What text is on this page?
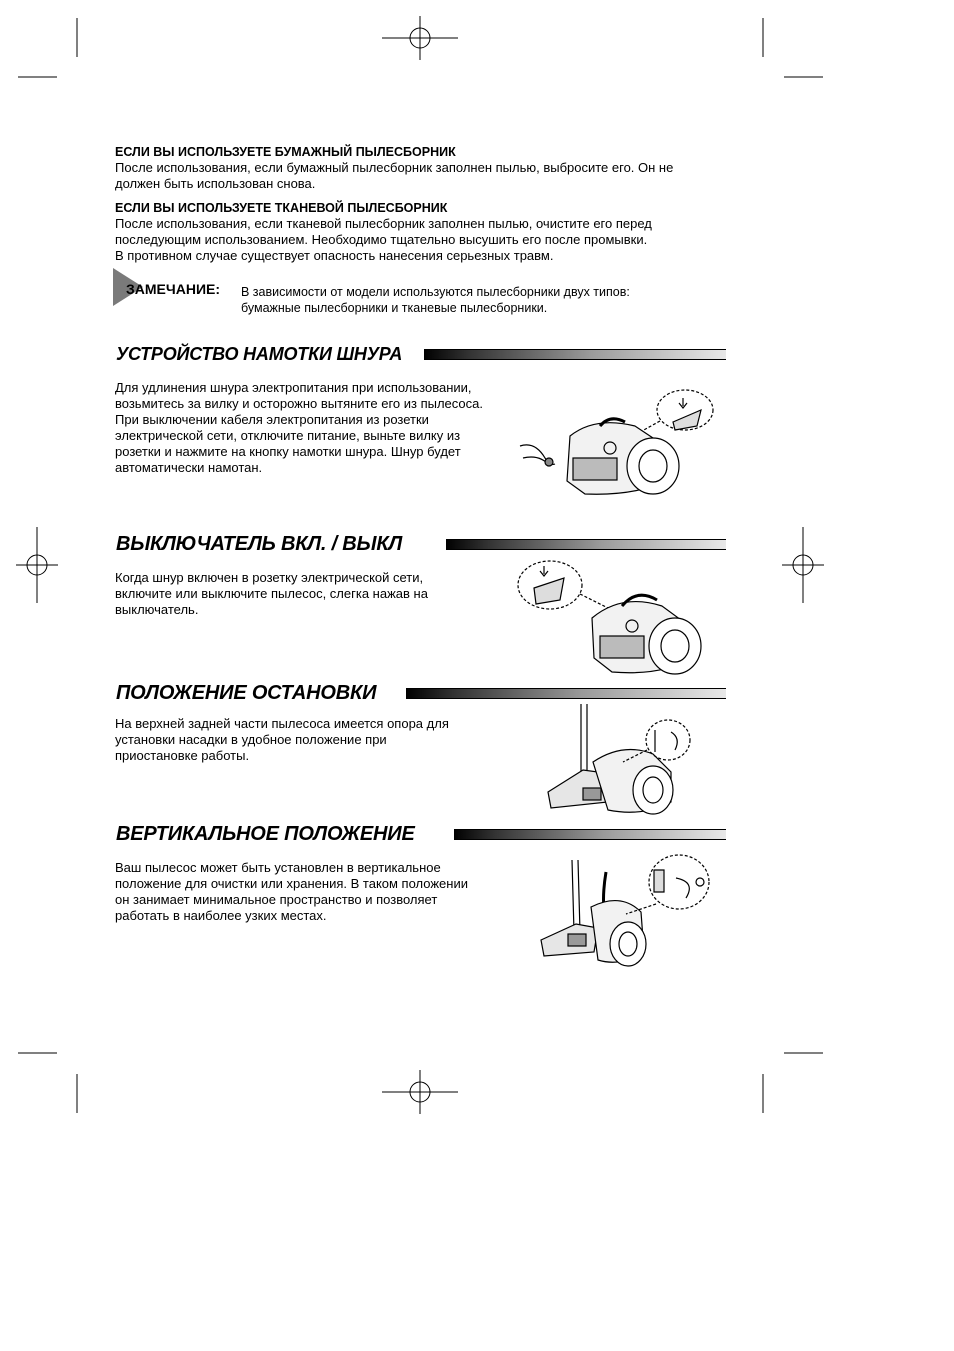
ЕСЛИ ВЫ ИСПОЛЬЗУЕТЕ БУМАЖНЫЙ ПЫЛЕСБОРНИК

После использования, если бумажный пылесборник заполнен пылью, выбросите его. Он не

должен быть использован снова.

ЕСЛИ ВЫ ИСПОЛЬЗУЕТЕ ТКАНЕВОЙ ПЫЛЕСБОРНИК

После использования, если тканевой пылесборник заполнен пылью, очистите его перед

последующим использованием. Необходимо тщательно высушить его после промывки.

В противном случае существует опасность нанесения серьезных травм.

ЗАМЕЧАНИЕ: В зависимости от модели используются пылесборники двух типов:
бумажные пылесборники и тканевые пылесборники.
УСТРОЙСТВО НАМОТКИ ШНУРА
Для удлинения шнура электропитания при использовании,
возьмитесь за вилку и осторожно вытяните его из пылесоса.
При выключении кабеля электропитания из розетки
электрической сети, отключите питание, выньте вилку из
розетки и нажмите на кнопку намотки шнура. Шнур будет
автоматически намотан.
ВЫКЛЮЧАТЕЛЬ ВКЛ. / ВЫКЛ
Когда шнур включен в розетку электрической сети,
включите или выключите пылесос, слегка нажав на
выключатель.
ПОЛОЖЕНИЕ ОСТАНОВКИ
На верхней задней части пылесоса имеется опора для
установки насадки в удобное положение при
приостановке работы.
ВЕРТИКАЛЬНОЕ ПОЛОЖЕНИЕ
Ваш пылесос может быть установлен в вертикальное
положение для очистки или хранения. В таком положении
он занимает минимальное пространство и позволяет
работать в наиболее узких местах.
